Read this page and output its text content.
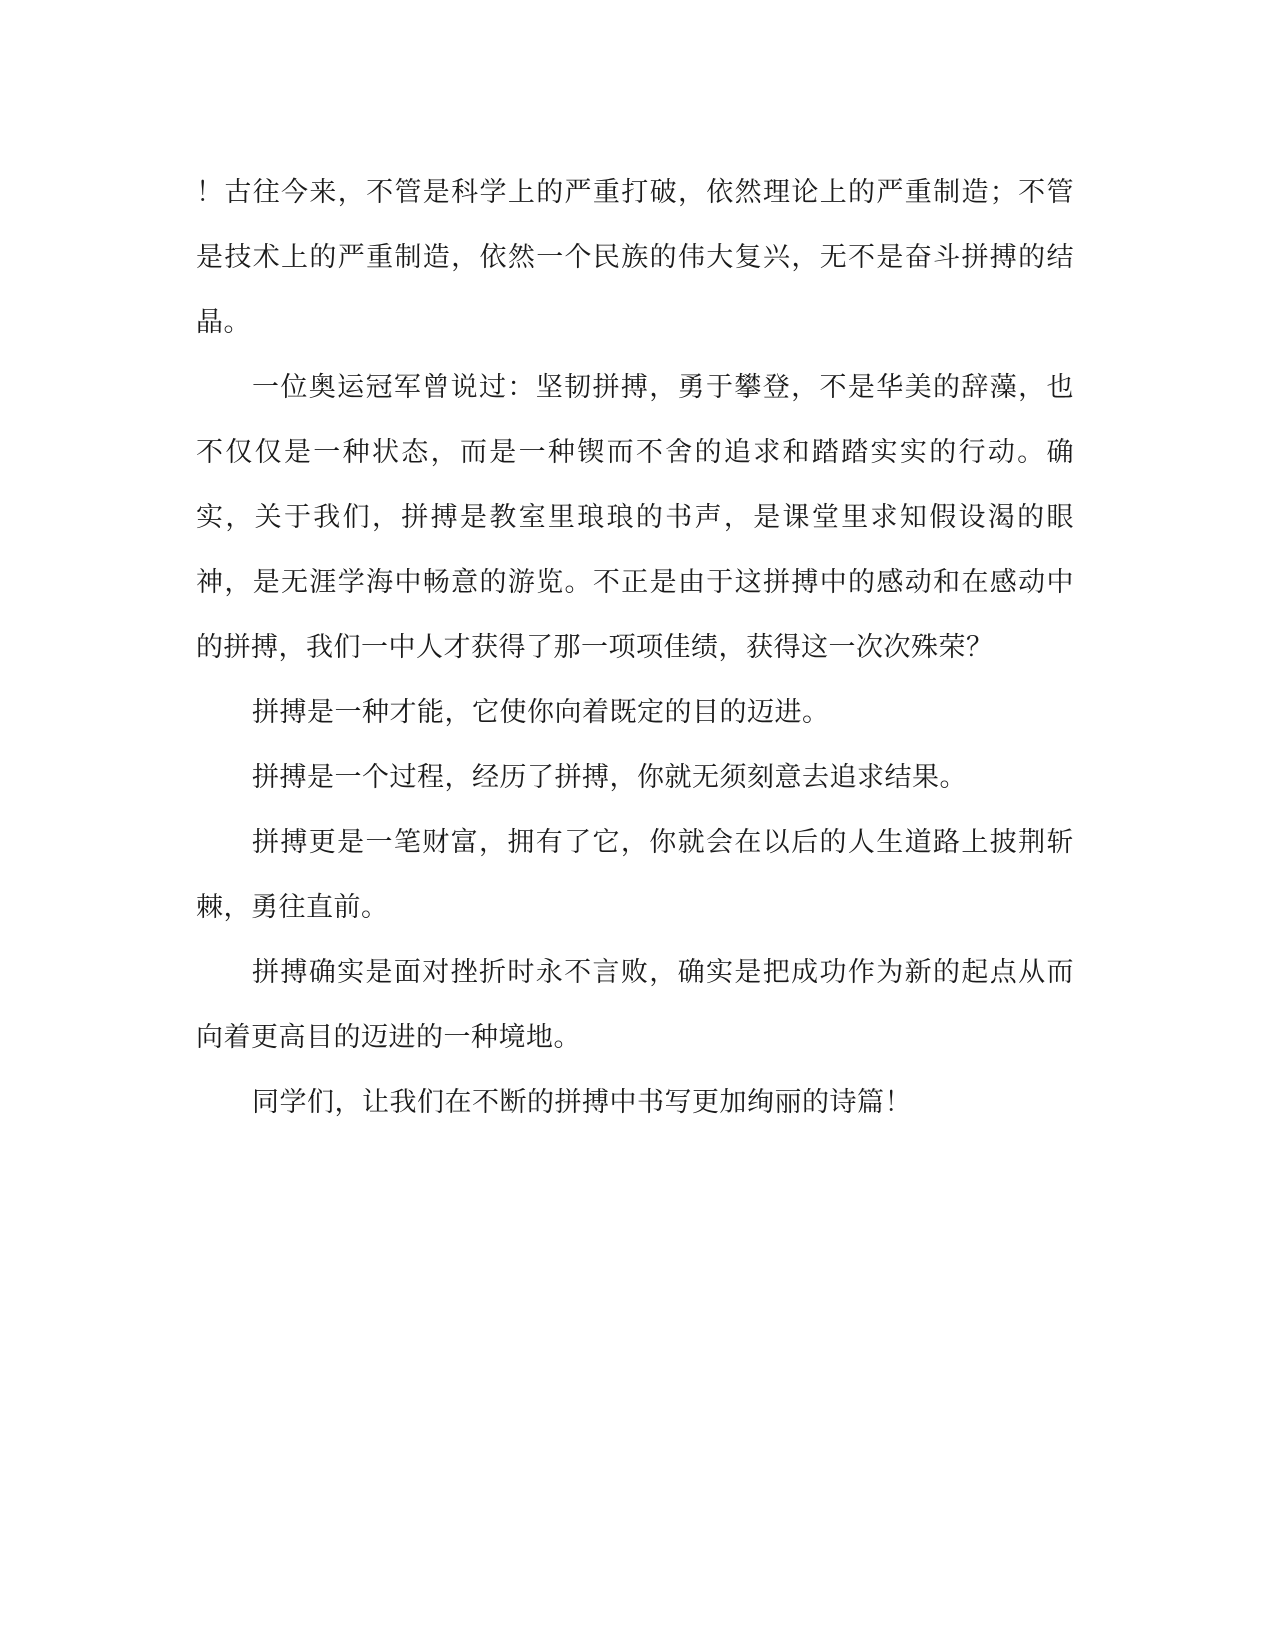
！古往今来，不管是科学上的严重打破，依然理论上的严重制造；不管是技术上的严重制造，依然一个民族的伟大复兴，无不是奋斗拼搏的结晶。

一位奥运冠军曾说过：坚韧拼搏，勇于攀登，不是华美的辞藻，也不仅仅是一种状态，而是一种锲而不舍的追求和踏踏实实的行动。确实，关于我们，拼搏是教室里琅琅的书声，是课堂里求知假设渴的眼神，是无涯学海中畅意的游览。不正是由于这拼搏中的感动和在感动中的拼搏，我们一中人才获得了那一项项佳绩，获得这一次次殊荣？

拼搏是一种才能，它使你向着既定的目的迈进。

拼搏是一个过程，经历了拼搏，你就无须刻意去追求结果。

拼搏更是一笔财富，拥有了它，你就会在以后的人生道路上披荆斩棘，勇往直前。

拼搏确实是面对挫折时永不言败，确实是把成功作为新的起点从而向着更高目的迈进的一种境地。

同学们，让我们在不断的拼搏中书写更加绚丽的诗篇！
